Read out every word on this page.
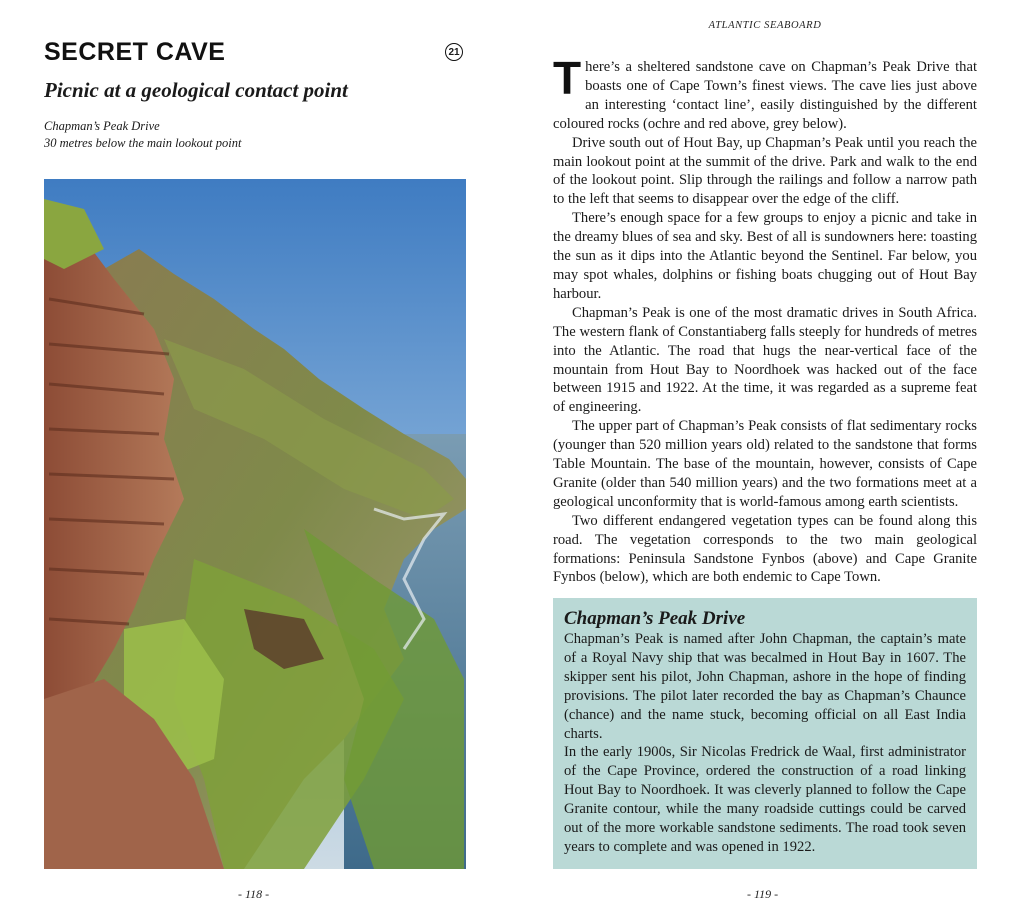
SECRET CAVE	21
Picnic at a geological contact point
Chapman’s Peak Drive
30 metres below the main lookout point
- 118 -
ATLANTIC SEABOARD

There’s a sheltered sandstone cave on Chapman’s Peak Drive that boasts one of Cape Town’s finest views. The cave lies just above an interesting ‘contact line’, easily distinguished by the different coloured rocks (ochre and red above, grey below).

Drive south out of Hout Bay, up Chapman’s Peak until you reach the main lookout point at the summit of the drive. Park and walk to the end of the lookout point. Slip through the railings and follow a narrow path to the left that seems to disappear over the edge of the cliff.

There’s enough space for a few groups to enjoy a picnic and take in the dreamy blues of sea and sky. Best of all is sundowners here: toasting the sun as it dips into the Atlantic beyond the Sentinel. Far below, you may spot whales, dolphins or fishing boats chugging out of Hout Bay harbour.

Chapman’s Peak is one of the most dramatic drives in South Africa. The western flank of Constantiaberg falls steeply for hundreds of metres into the Atlantic. The road that hugs the near-vertical face of the mountain from Hout Bay to Noordhoek was hacked out of the face between 1915 and 1922. At the time, it was regarded as a supreme feat of engineering.

The upper part of Chapman’s Peak consists of flat sedimentary rocks (younger than 520 million years old) related to the sandstone that forms Table Mountain. The base of the mountain, however, consists of Cape Granite (older than 540 million years) and the two formations meet at a geological unconformity that is world-famous among earth scientists.

Two different endangered vegetation types can be found along this road. The vegetation corresponds to the two main geological formations: Peninsula Sandstone Fynbos (above) and Cape Granite Fynbos (below), which are both endemic to Cape Town.

Chapman’s Peak Drive

Chapman’s Peak is named after John Chapman, the captain’s mate of a Royal Navy ship that was becalmed in Hout Bay in 1607. The skipper sent his pilot, John Chapman, ashore in the hope of finding provisions. The pilot later recorded the bay as Chapman’s Chaunce (chance) and the name stuck, becoming official on all East India charts.

In the early 1900s, Sir Nicolas Fredrick de Waal, first administrator of the Cape Province, ordered the construction of a road linking Hout Bay to Noordhoek. It was cleverly planned to follow the Cape Granite contour, while the many roadside cuttings could be carved out of the more workable sandstone sediments. The road took seven years to complete and was opened in 1922.

- 119 -
